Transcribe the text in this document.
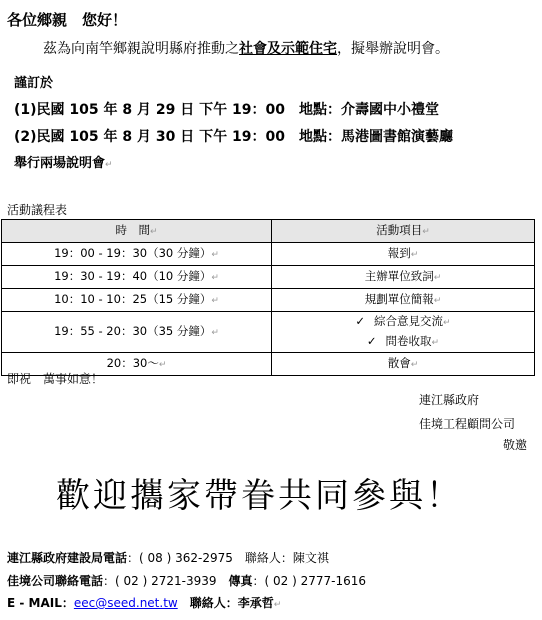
各位鄉親　您好！
茲為向南竿鄉親說明縣府推動之社會及示範住宅，擬舉辦說明會。
謹訂於
(1)民國 105 年 8 月 29 日 下午 19：00　地點：介壽國中小禮堂
(2)民國 105 年 8 月 30 日 下午 19：00　地點：馬港圖書館演藝廳
舉行兩場說明會↵
活動議程表
時　間↵	活動項目↵
19：00 - 19：30（30 分鐘）↵	報到↵
19：30 - 19：40（10 分鐘）↵	主辦單位致詞↵
10：10 - 10：25（15 分鐘）↵	規劃單位簡報↵
19：55 - 20：30（35 分鐘）↵	✓ 綜合意見交流↵
✓ 問卷收取↵

20：30～↵	散會↵
即祝　萬事如意！
連江縣政府
佳境工程顧問公司
敬邀
歡迎攜家帶眷共同參與！
連江縣政府建設局電話：( 08 ) 362-2975　聯絡人：陳文祺
佳境公司聯絡電話：( 02 ) 2721-3939　 傳真：( 02 ) 2777-1616
E - MAIL：eec@seed.net.tw　 聯絡人：李承哲↵
